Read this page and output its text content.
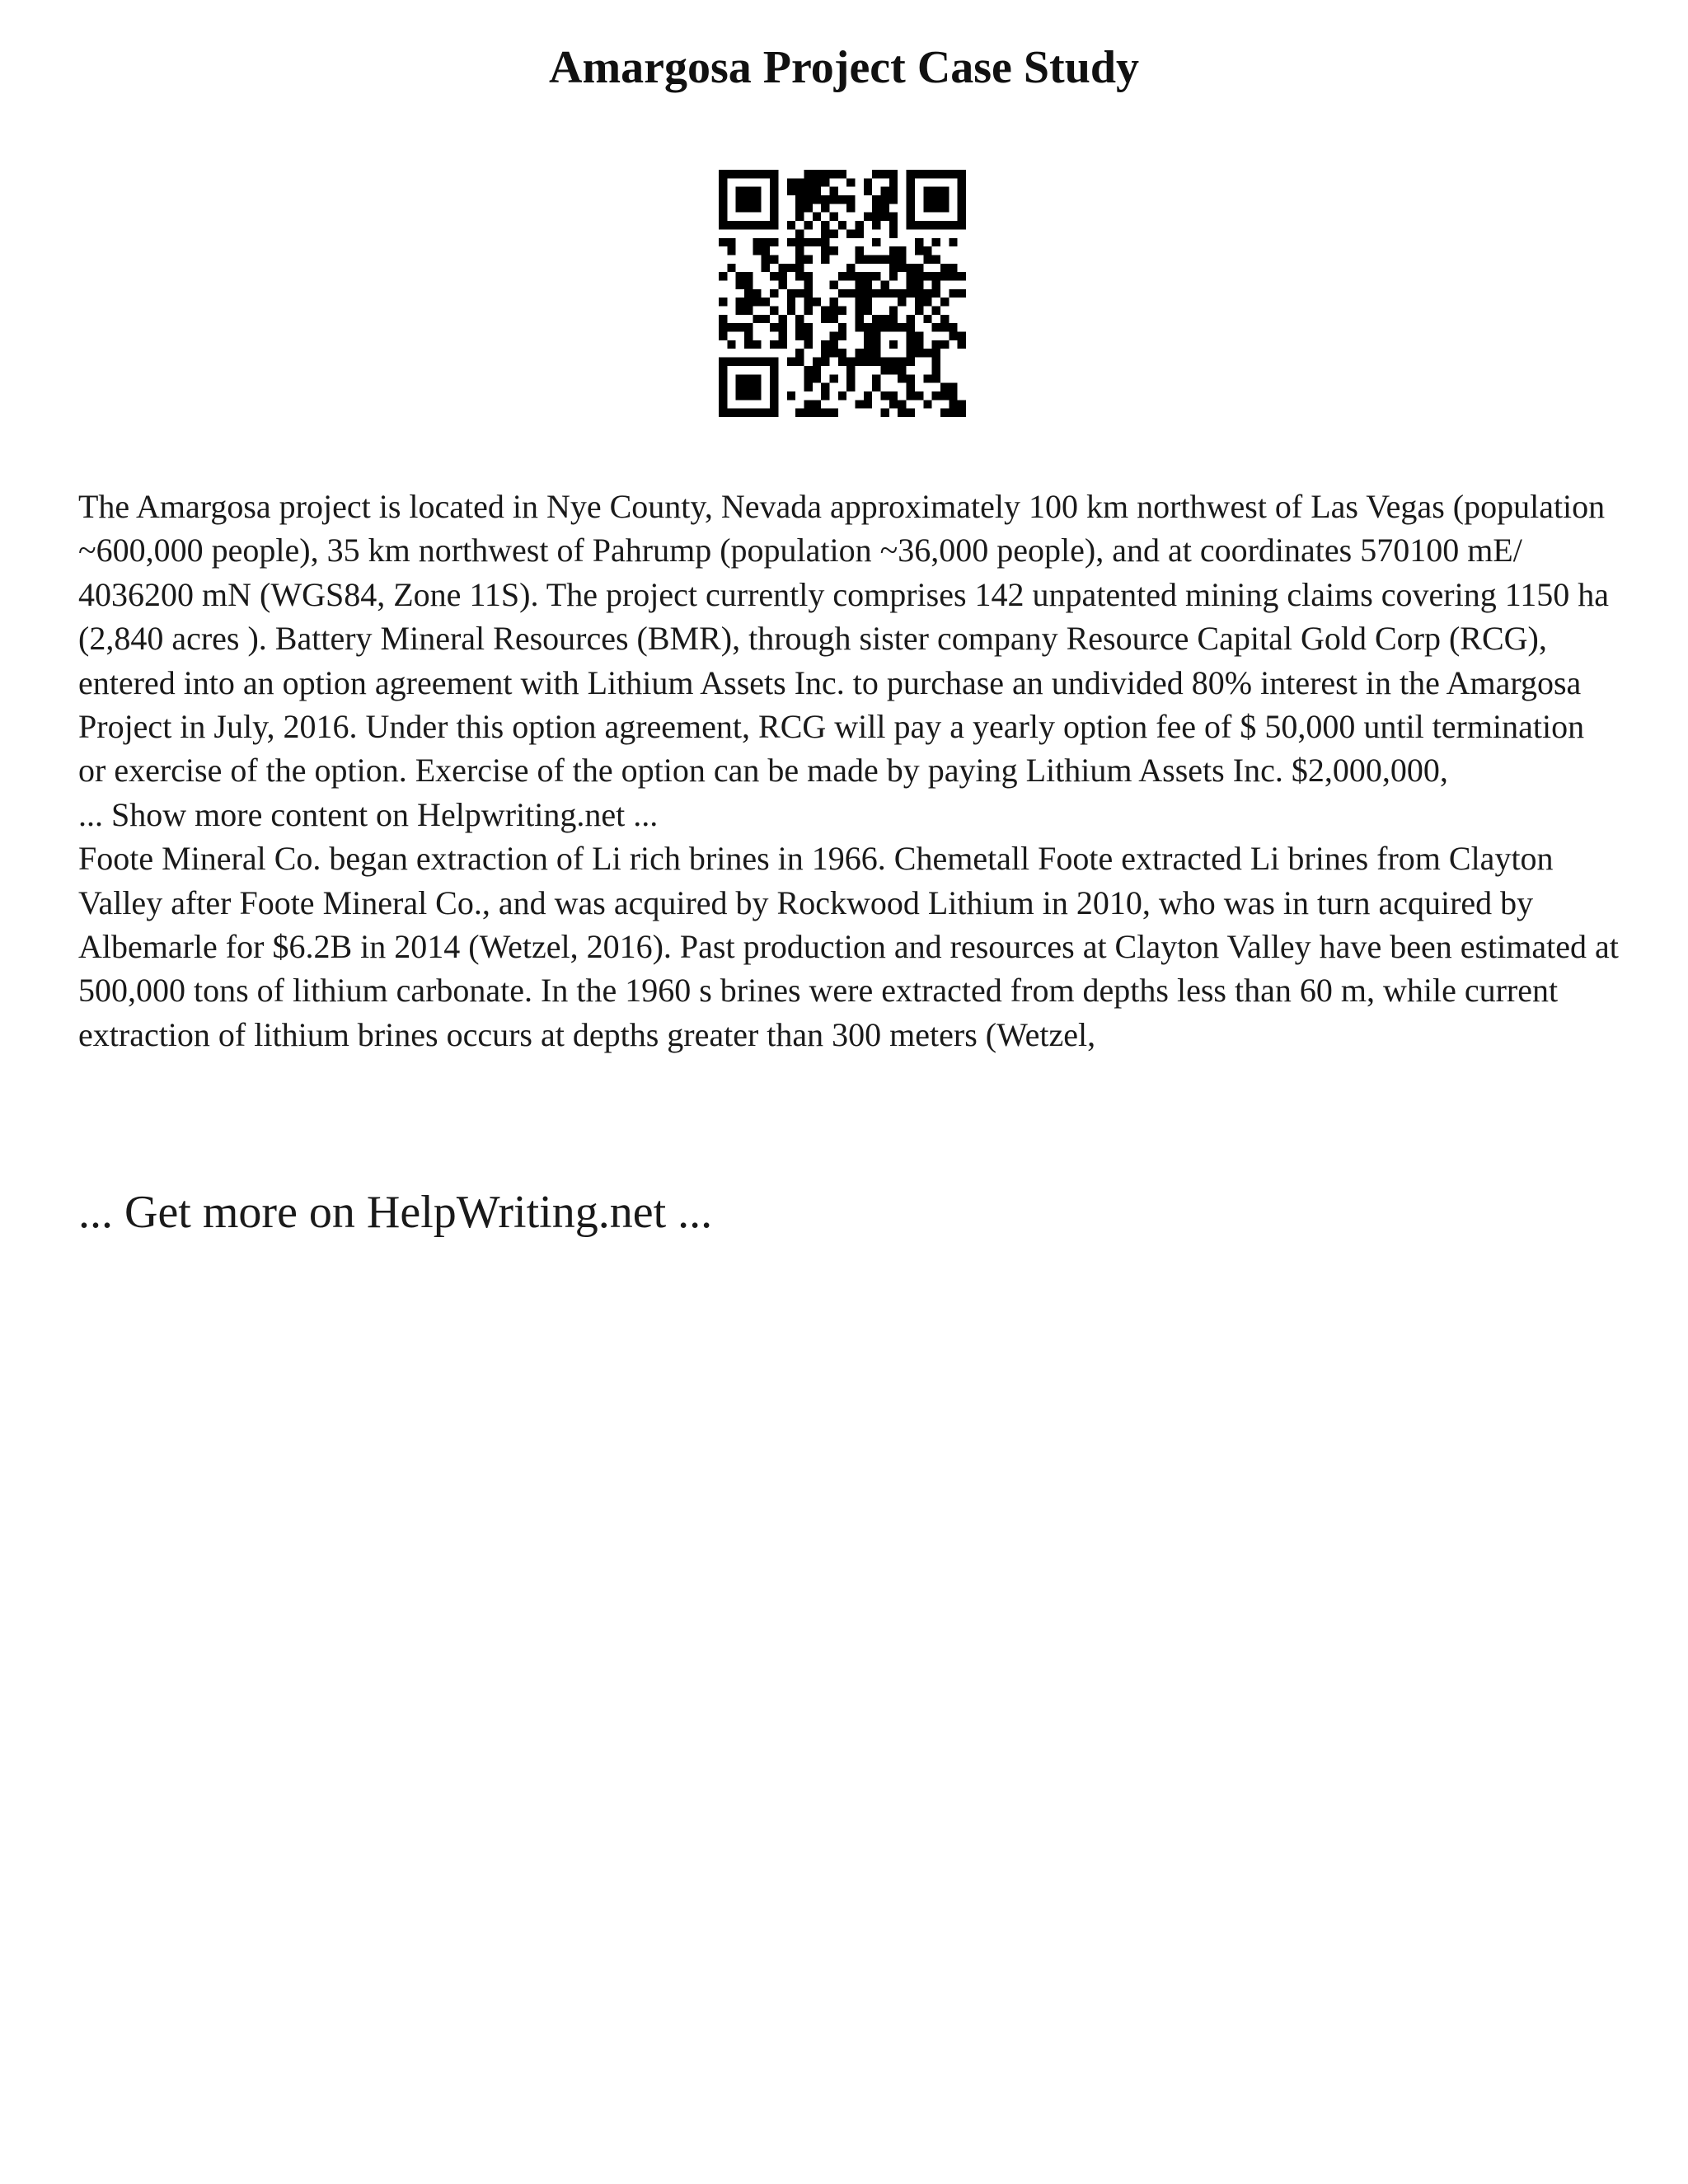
Amargosa Project Case Study

The Amargosa project is located in Nye County, Nevada approximately 100 km northwest of Las Vegas (population ~600,000 people), 35 km northwest of Pahrump (population ~36,000 people), and at coordinates 570100 mE/ 4036200 mN (WGS84, Zone 11S). The project currently comprises 142 unpatented mining claims covering 1150 ha (2,840 acres ). Battery Mineral Resources (BMR), through sister company Resource Capital Gold Corp (RCG), entered into an option agreement with Lithium Assets Inc. to purchase an undivided 80% interest in the Amargosa Project in July, 2016. Under this option agreement, RCG will pay a yearly option fee of $ 50,000 until termination or exercise of the option. Exercise of the option can be made by paying Lithium Assets Inc. $2,000,000,

... Show more content on Helpwriting.net ...

Foote Mineral Co. began extraction of Li rich brines in 1966. Chemetall Foote extracted Li brines from Clayton Valley after Foote Mineral Co., and was acquired by Rockwood Lithium in 2010, who was in turn acquired by Albemarle for $6.2B in 2014 (Wetzel, 2016). Past production and resources at Clayton Valley have been estimated at 500,000 tons of lithium carbonate. In the 1960 s brines were extracted from depths less than 60 m, while current extraction of lithium brines occurs at depths greater than 300 meters (Wetzel,

... Get more on HelpWriting.net ...
